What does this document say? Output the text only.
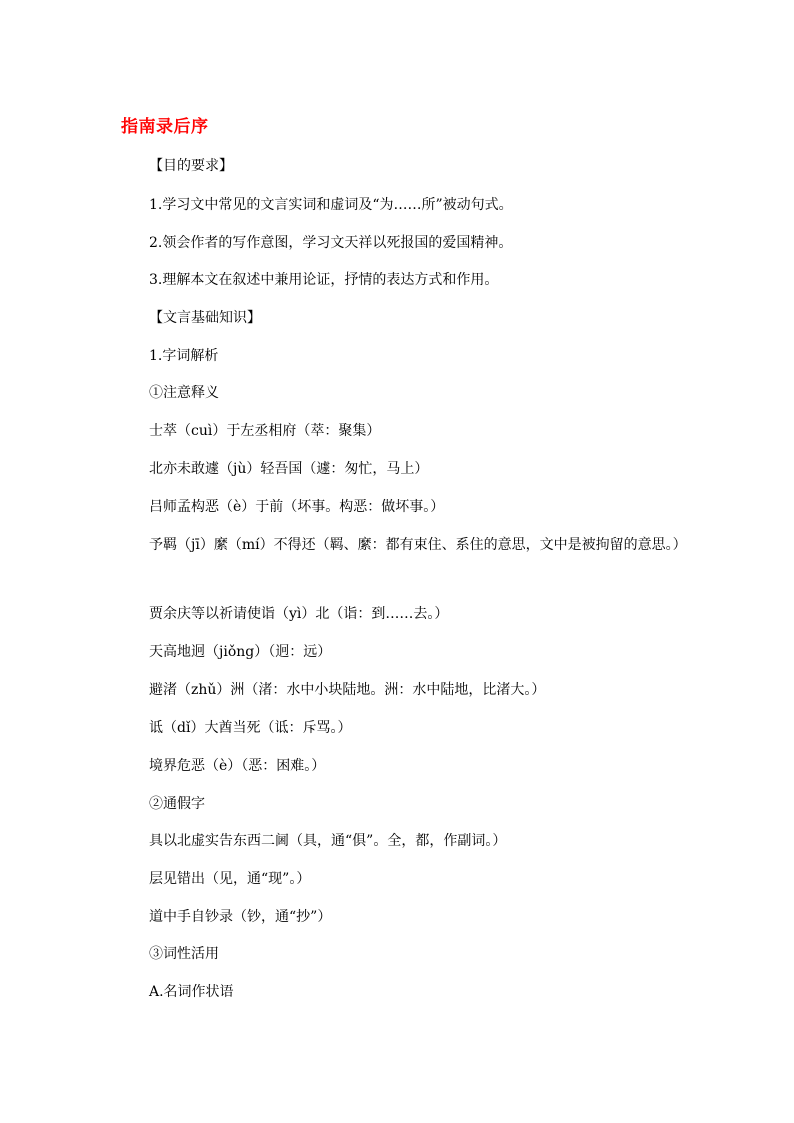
指南录后序
【目的要求】
1.学习文中常见的文言实词和虚词及“为……所”被动句式。
2.领会作者的写作意图，学习文天祥以死报国的爱国精神。
3.理解本文在叙述中兼用论证，抒情的表达方式和作用。
【文言基础知识】
1.字词解析
①注意释义
士萃（cuì）于左丞相府（萃：聚集）
北亦未敢遽（jù）轻吾国（遽：匆忙，马上）
吕师孟构恶（è）于前（坏事。构恶：做坏事。）
予羁（jī）縻（mí）不得还（羁、縻：都有束住、系住的意思，文中是被拘留的意思。）
贾余庆等以祈请使诣（yì）北（诣：到……去。）
天高地迥（jiǒng）（迥：远）
避渚（zhǔ）洲（渚：水中小块陆地。洲：水中陆地，比渚大。）
诋（dǐ）大酋当死（诋：斥骂。）
境界危恶（è）（恶：困难。）
②通假字
具以北虚实告东西二阃（具，通“俱”。全，都，作副词。）
层见错出（见，通“现”。）
道中手自钞录（钞，通“抄”）
③词性活用
A.名词作状语
